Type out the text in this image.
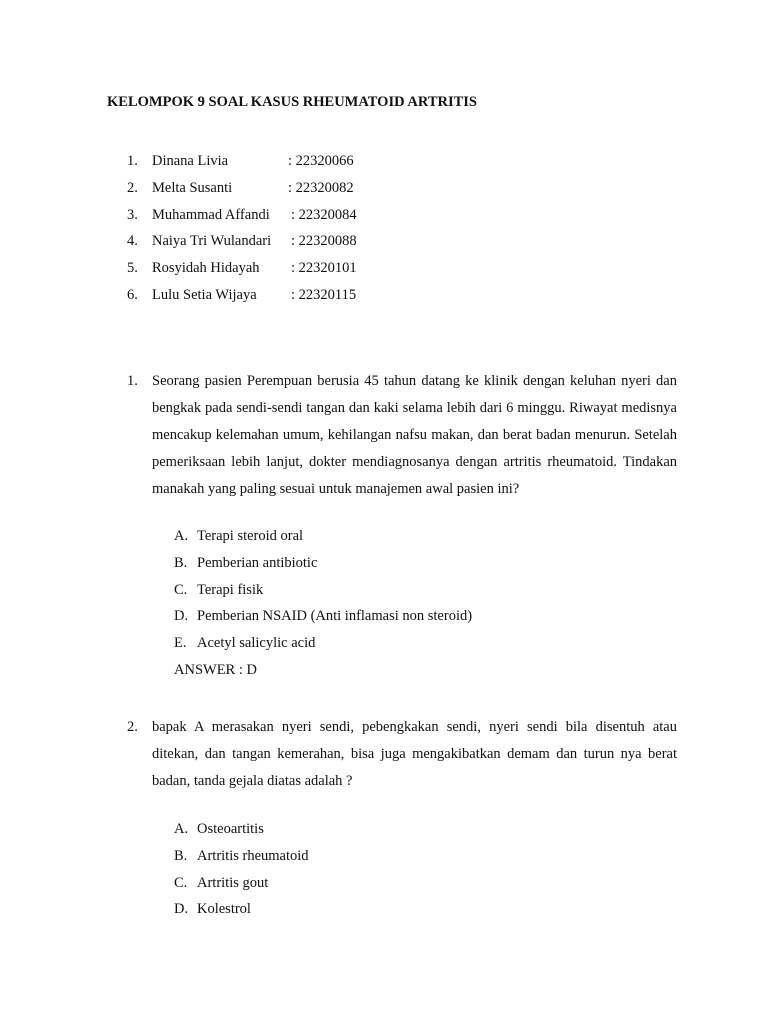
KELOMPOK 9 SOAL KASUS RHEUMATOID ARTRITIS
1. Dinana Livia	: 22320066
2. Melta Susanti	: 22320082
3. Muhammad Affandi	: 22320084
4. Naiya Tri Wulandari	: 22320088
5. Rosyidah Hidayah	: 22320101
6. Lulu Setia Wijaya	: 22320115
1. Seorang pasien Perempuan berusia 45 tahun datang ke klinik dengan keluhan nyeri dan bengkak pada sendi-sendi tangan dan kaki selama lebih dari 6 minggu. Riwayat medisnya mencakup kelemahan umum, kehilangan nafsu makan, dan berat badan menurun. Setelah pemeriksaan lebih lanjut, dokter mendiagnosanya dengan artritis rheumatoid. Tindakan manakah yang paling sesuai untuk manajemen awal pasien ini?
A. Terapi steroid oral
B. Pemberian antibiotic
C. Terapi fisik
D. Pemberian NSAID (Anti inflamasi non steroid)
E. Acetyl salicylic acid
ANSWER : D
2. bapak A merasakan nyeri sendi, pebengkakan sendi, nyeri sendi bila disentuh atau ditekan, dan tangan kemerahan, bisa juga mengakibatkan demam dan turun nya berat badan, tanda gejala diatas adalah ?
A. Osteoartitis
B. Artritis rheumatoid
C. Artritis gout
D. Kolestrol
